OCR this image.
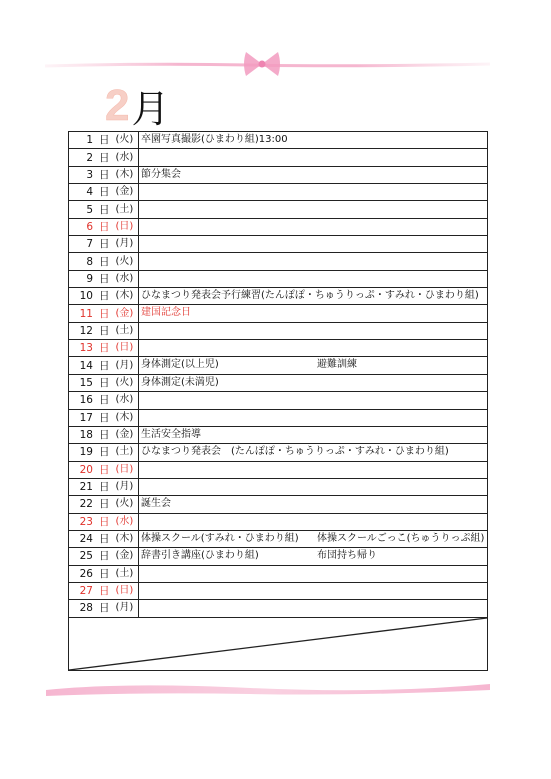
2 月
1 日 (火) 卒園写真撮影(ひまわり組)13:00
2 日 (水)
3 日 (木) 節分集会
4 日 (金)
5 日 (土)
6 日 (日)
7 日 (月)
8 日 (火)
9 日 (水)
10 日 (木) ひなまつり発表会予行練習(たんぽぽ・ちゅうりっぷ・すみれ・ひまわり組)
11 日 (金) 建国記念日
12 日 (土)
13 日 (日)
14 日 (月) 身体測定(以上児)	避難訓練
15 日 (火) 身体測定(未満児)
16 日 (水)
17 日 (木)
18 日 (金) 生活安全指導
19 日 (土) ひなまつり発表会　(たんぽぽ・ちゅうりっぷ・すみれ・ひまわり組)
20 日 (日)
21 日 (月)
22 日 (火) 誕生会
23 日 (水)
24 日 (木) 体操スクール(すみれ・ひまわり組) 体操スクールごっこ(ちゅうりっぷ組)
25 日 (金) 辞書引き講座(ひまわり組)	布団持ち帰り
26 日 (土)
27 日 (日)
28 日 (月)
